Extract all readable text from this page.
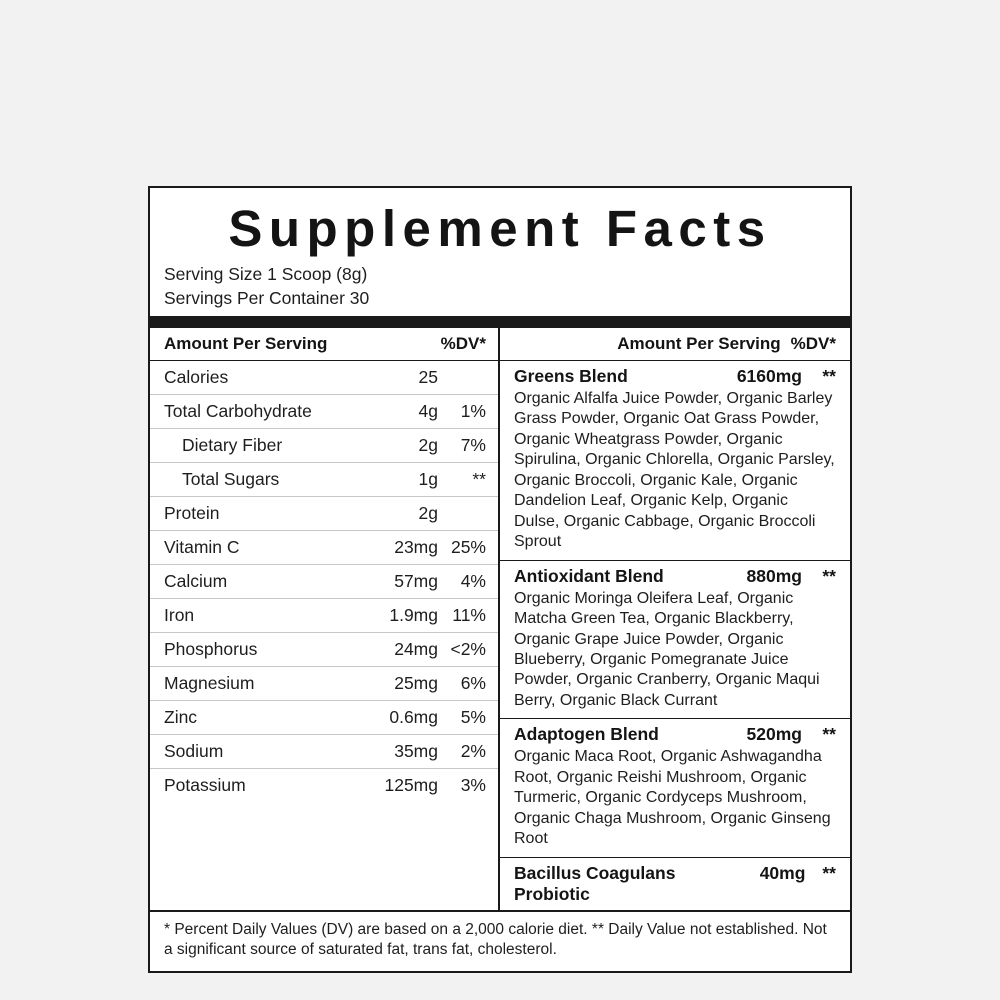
Supplement Facts
Serving Size 1 Scoop (8g)
Servings Per Container 30
Amount Per Serving	%DV*
Calories	25
Total Carbohydrate	4g	1%
Dietary Fiber	2g	7%
Total Sugars	1g	**
Protein	2g
Vitamin C	23mg 25%
Calcium	57mg	4%
Iron	1.9mg 11%
Phosphorus	24mg <2%
Magnesium	25mg	6%
Zinc	0.6mg	5%
Sodium	35mg	2%
Potassium	125mg	3%
Amount Per Serving %DV*
Greens Blend	6160mg	**
Organic Alfalfa Juice Powder, Organic Barley Grass Powder, Organic Oat Grass Powder, Organic Wheatgrass Powder, Organic Spirulina, Organic Chlorella, Organic Parsley, Organic Broccoli, Organic Kale, Organic Dandelion Leaf, Organic Kelp, Organic Dulse, Organic Cabbage, Organic Broccoli Sprout
Antioxidant Blend	880mg	**
Organic Moringa Oleifera Leaf, Organic Matcha Green Tea, Organic Blackberry, Organic Grape Juice Powder, Organic Blueberry, Organic Pomegranate Juice Powder, Organic Cranberry, Organic Maqui Berry, Organic Black Currant
Adaptogen Blend	520mg	**
Organic Maca Root, Organic Ashwagandha Root, Organic Reishi Mushroom, Organic Turmeric, Organic Cordyceps Mushroom, Organic Chaga Mushroom, Organic Ginseng Root
Bacillus Coagulans Probiotic
40mg **
* Percent Daily Values (DV) are based on a 2,000 calorie diet. ** Daily Value not established. Not a significant source of saturated fat, trans fat, cholesterol.
